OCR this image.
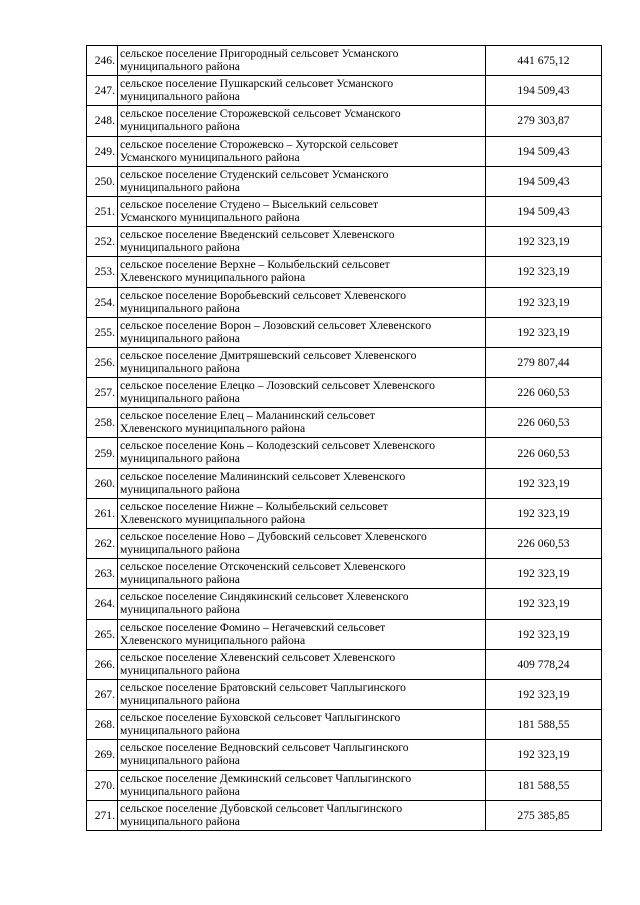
246.	сельское поселение Пригородный сельсовет Усманского
муниципального района	441 675,12
247.	сельское поселение Пушкарский сельсовет Усманского
муниципального района	194 509,43
248.	сельское поселение Сторожевской сельсовет Усманского
муниципального района	279 303,87
249.	сельское поселение Сторожевско – Хуторской сельсовет
Усманского муниципального района	194 509,43
250.	сельское поселение Студенский сельсовет Усманского
муниципального района	194 509,43
251.	сельское поселение Студено – Выселький сельсовет
Усманского муниципального района	194 509,43
252.	сельское поселение Введенский сельсовет Хлевенского
муниципального района	192 323,19
253.	сельское поселение Верхне – Колыбельский сельсовет
Хлевенского муниципального района	192 323,19
254.	сельское поселение Воробьевский сельсовет Хлевенского
муниципального района	192 323,19
255.	сельское поселение Ворон – Лозовский сельсовет Хлевенского
муниципального района	192 323,19
256.	сельское поселение Дмитряшевский сельсовет Хлевенского
муниципального района	279 807,44
257.	сельское поселение Елецко – Лозовский сельсовет Хлевенского
муниципального района	226 060,53
258.	сельское поселение Елец – Маланинский сельсовет
Хлевенского муниципального района	226 060,53
259.	сельское поселение Конь – Колодезский сельсовет Хлевенского
муниципального района	226 060,53
260.	сельское поселение Малининский сельсовет Хлевенского
муниципального района	192 323,19
261.	сельское поселение Нижне – Колыбельский сельсовет
Хлевенского муниципального района	192 323,19
262.	сельское поселение Ново – Дубовский сельсовет Хлевенского
муниципального района	226 060,53
263.	сельское поселение Отскоченский сельсовет Хлевенского
муниципального района	192 323,19
264.	сельское поселение Синдякинский сельсовет Хлевенского
муниципального района	192 323,19
265.	сельское поселение Фомино – Негачевский сельсовет
Хлевенского муниципального района	192 323,19
266.	сельское поселение Хлевенский сельсовет Хлевенского
муниципального района	409 778,24
267.	сельское поселение Братовский сельсовет Чаплыгинского
муниципального района	192 323,19
268.	сельское поселение Буховской сельсовет Чаплыгинского
муниципального района	181 588,55
269.	сельское поселение Ведновский сельсовет Чаплыгинского
муниципального района	192 323,19
270.	сельское поселение Демкинский сельсовет Чаплыгинского
муниципального района	181 588,55
271.	сельское поселение Дубовской сельсовет Чаплыгинского
муниципального района	275 385,85
